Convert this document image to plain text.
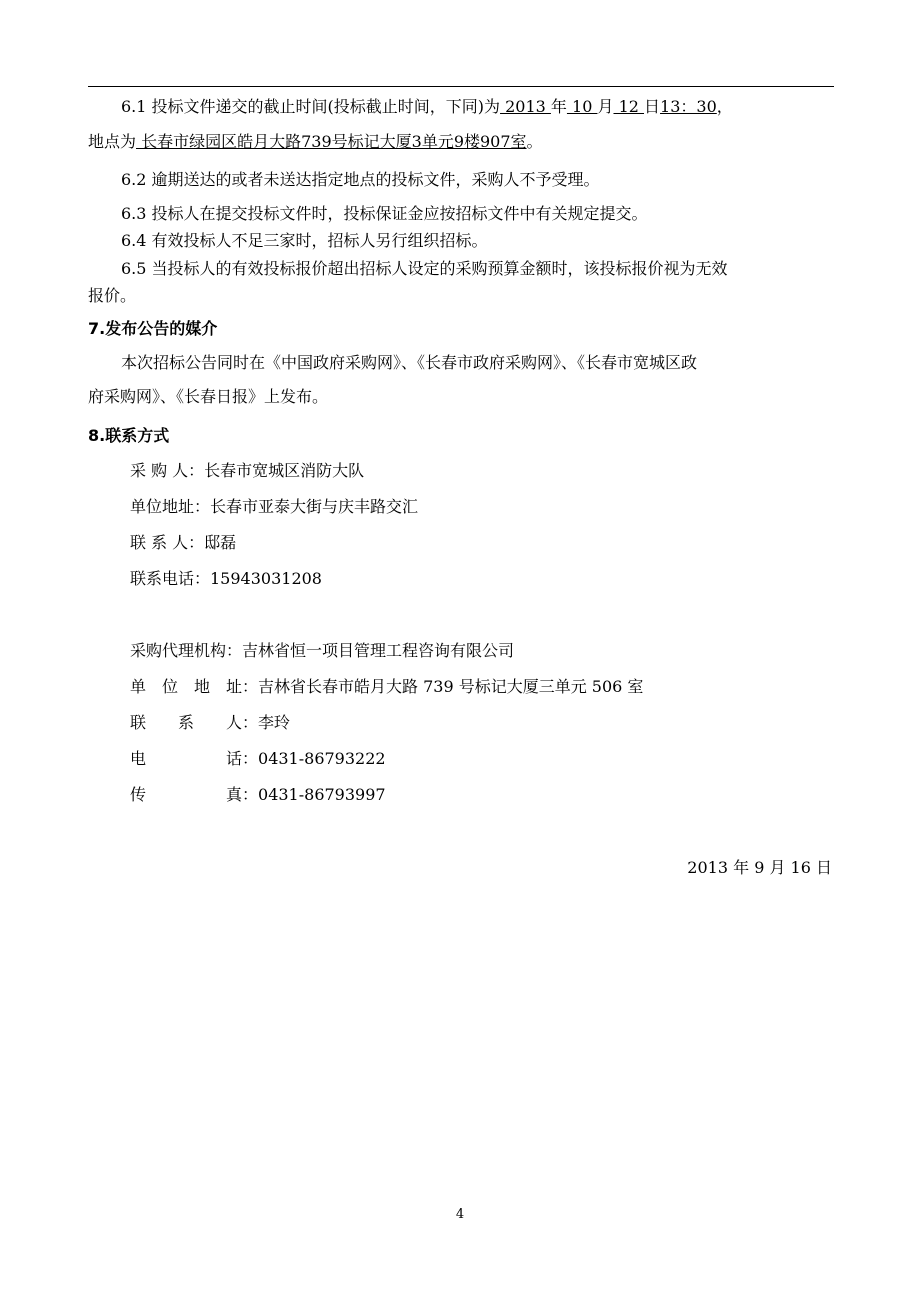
6.1 投标文件递交的截止时间(投标截止时间，下同)为 2013 年 10 月 12 日13：30，
地点为 长春市绿园区皓月大路739号标记大厦3单元9楼907室。
6.2 逾期送达的或者未送达指定地点的投标文件，采购人不予受理。
6.3 投标人在提交投标文件时，投标保证金应按招标文件中有关规定提交。
6.4 有效投标人不足三家时，招标人另行组织招标。
6.5 当投标人的有效投标报价超出招标人设定的采购预算金额时，该投标报价视为无效
报价。
7.发布公告的媒介
本次招标公告同时在《中国政府采购网》、《长春市政府采购网》、《长春市宽城区政
府采购网》、《长春日报》上发布。
8.联系方式
采 购 人：长春市宽城区消防大队
单位地址：长春市亚泰大街与庆丰路交汇
联 系 人：邸磊
联系电话：15943031208
采购代理机构：吉林省恒一项目管理工程咨询有限公司
单　位　地　址：吉林省长春市皓月大路 739 号标记大厦三单元 506 室
联　　系　　人：李玲
电　　　　　话：0431-86793222
传　　　　　真：0431-86793997
2013 年 9 月 16 日
4
